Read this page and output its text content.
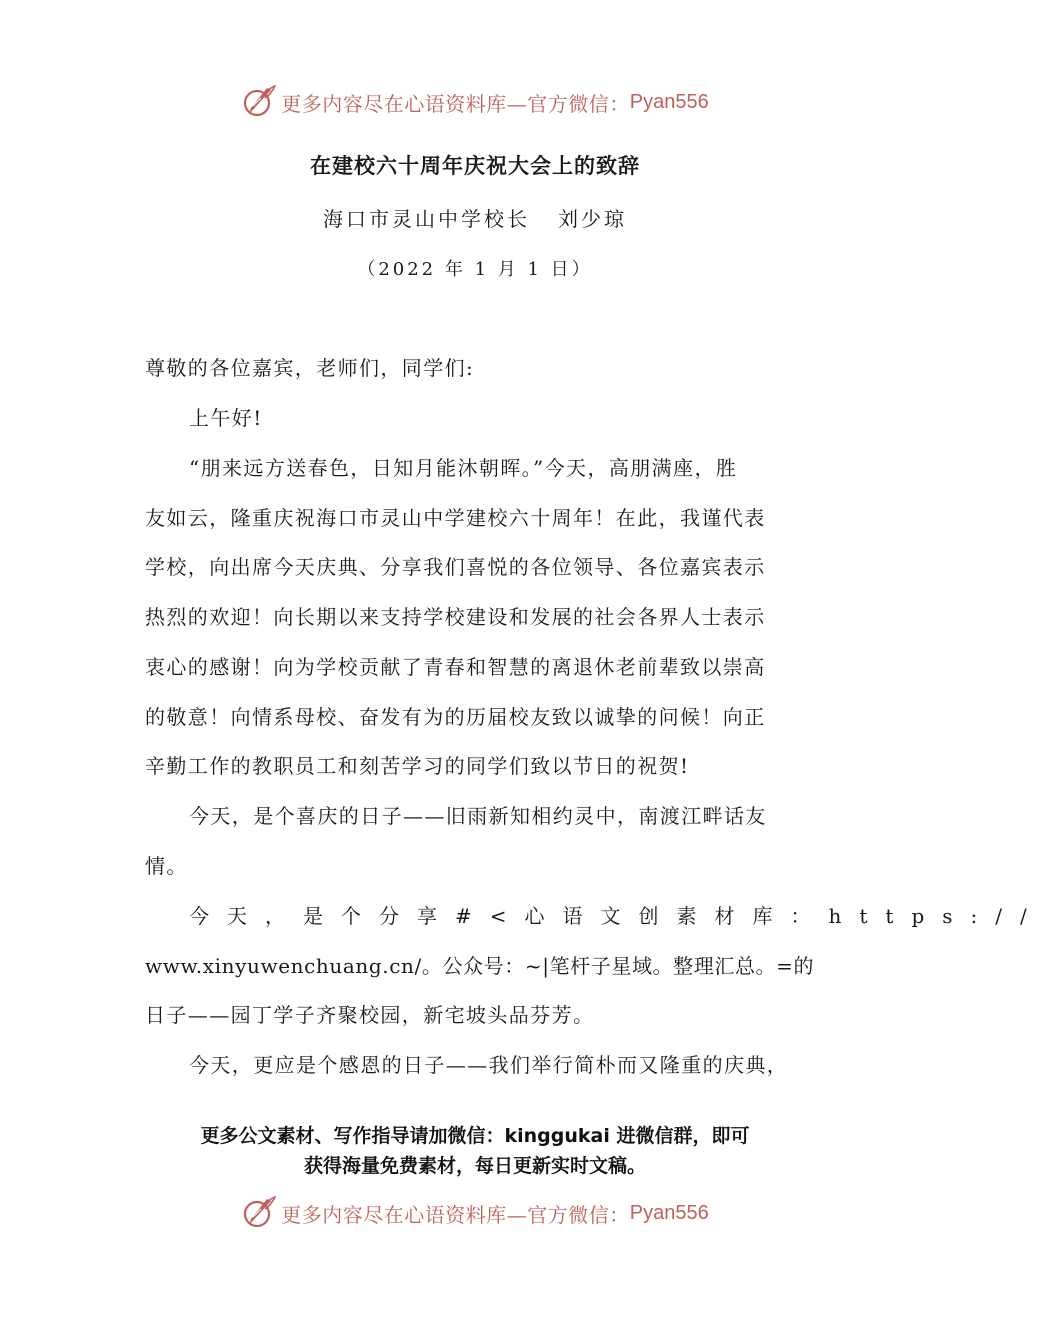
更多内容尽在心语资料库—官方微信： Pyan556
在建校六十周年庆祝大会上的致辞
海口市灵山中学校长   刘少琼
（2022 年 1 月 1 日）
尊敬的各位嘉宾，老师们，同学们:
上午好!
“朋来远方送春色，日知月能沐朝晖。”今天，高朋满座，胜
友如云，隆重庆祝海口市灵山中学建校六十周年！在此，我谨代表
学校，向出席今天庆典、分享我们喜悦的各位领导、各位嘉宾表示
热烈的欢迎！向长期以来支持学校建设和发展的社会各界人士表示
衷心的感谢！向为学校贡献了青春和智慧的离退休老前辈致以崇高
的敬意！向情系母校、奋发有为的历届校友致以诚挚的问候！向正
辛勤工作的教职员工和刻苦学习的同学们致以节日的祝贺!
今天，是个喜庆的日子——旧雨新知相约灵中，南渡江畔话友
情。
今天，是个分享#<心语文创素材库：https://
www.xinyuwenchuang.cn/。公众号：~|笔杆子星域。整理汇总。=的
日子——园丁学子齐聚校园，新宅坡头品芬芳。
今天，更应是个感恩的日子——我们举行简朴而又隆重的庆典，
更多公文素材、写作指导请加微信：kinggukai 进微信群，即可
获得海量免费素材，每日更新实时文稿。
更多内容尽在心语资料库—官方微信： Pyan556
